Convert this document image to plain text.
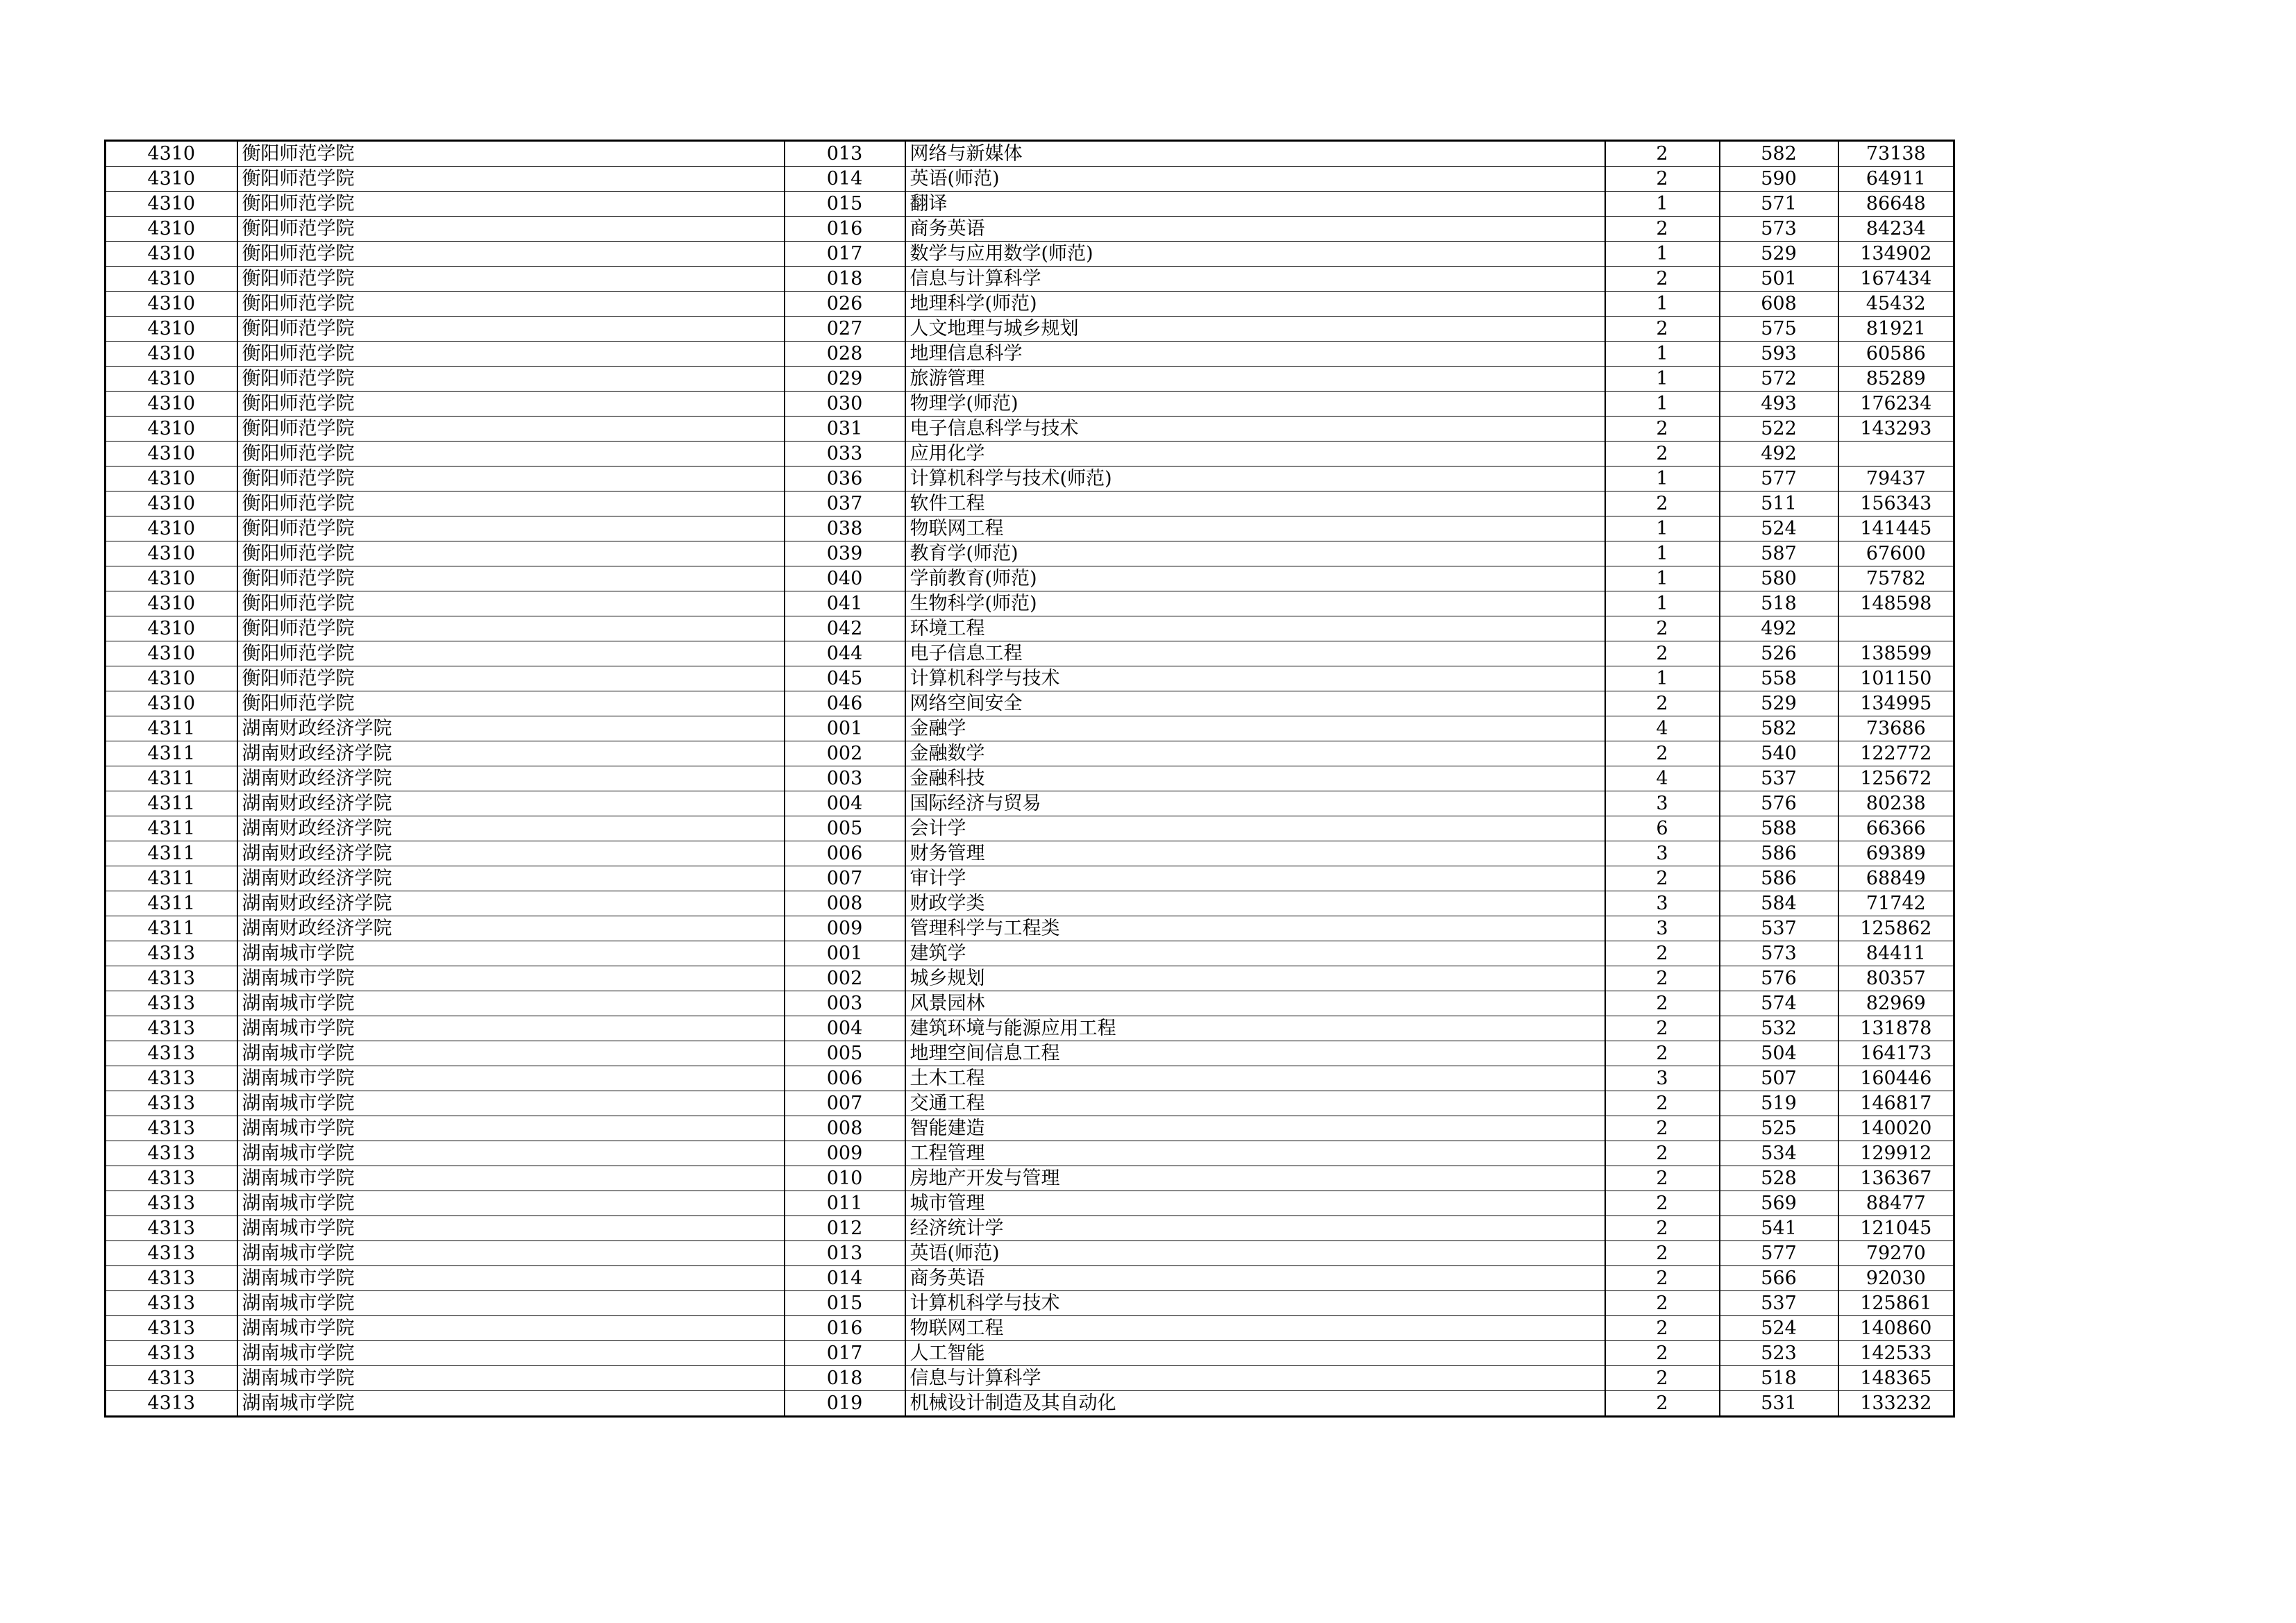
4310	衡阳师范学院	013	网络与新媒体	2	582	73138
4310	衡阳师范学院	014	英语(师范)	2	590	64911
4310	衡阳师范学院	015	翻译	1	571	86648
4310	衡阳师范学院	016	商务英语	2	573	84234
4310	衡阳师范学院	017	数学与应用数学(师范)	1	529	134902
4310	衡阳师范学院	018	信息与计算科学	2	501	167434
4310	衡阳师范学院	026	地理科学(师范)	1	608	45432
4310	衡阳师范学院	027	人文地理与城乡规划	2	575	81921
4310	衡阳师范学院	028	地理信息科学	1	593	60586
4310	衡阳师范学院	029	旅游管理	1	572	85289
4310	衡阳师范学院	030	物理学(师范)	1	493	176234
4310	衡阳师范学院	031	电子信息科学与技术	2	522	143293
4310	衡阳师范学院	033	应用化学	2	492	
4310	衡阳师范学院	036	计算机科学与技术(师范)	1	577	79437
4310	衡阳师范学院	037	软件工程	2	511	156343
4310	衡阳师范学院	038	物联网工程	1	524	141445
4310	衡阳师范学院	039	教育学(师范)	1	587	67600
4310	衡阳师范学院	040	学前教育(师范)	1	580	75782
4310	衡阳师范学院	041	生物科学(师范)	1	518	148598
4310	衡阳师范学院	042	环境工程	2	492	
4310	衡阳师范学院	044	电子信息工程	2	526	138599
4310	衡阳师范学院	045	计算机科学与技术	1	558	101150
4310	衡阳师范学院	046	网络空间安全	2	529	134995
4311	湖南财政经济学院	001	金融学	4	582	73686
4311	湖南财政经济学院	002	金融数学	2	540	122772
4311	湖南财政经济学院	003	金融科技	4	537	125672
4311	湖南财政经济学院	004	国际经济与贸易	3	576	80238
4311	湖南财政经济学院	005	会计学	6	588	66366
4311	湖南财政经济学院	006	财务管理	3	586	69389
4311	湖南财政经济学院	007	审计学	2	586	68849
4311	湖南财政经济学院	008	财政学类	3	584	71742
4311	湖南财政经济学院	009	管理科学与工程类	3	537	125862
4313	湖南城市学院	001	建筑学	2	573	84411
4313	湖南城市学院	002	城乡规划	2	576	80357
4313	湖南城市学院	003	风景园林	2	574	82969
4313	湖南城市学院	004	建筑环境与能源应用工程	2	532	131878
4313	湖南城市学院	005	地理空间信息工程	2	504	164173
4313	湖南城市学院	006	土木工程	3	507	160446
4313	湖南城市学院	007	交通工程	2	519	146817
4313	湖南城市学院	008	智能建造	2	525	140020
4313	湖南城市学院	009	工程管理	2	534	129912
4313	湖南城市学院	010	房地产开发与管理	2	528	136367
4313	湖南城市学院	011	城市管理	2	569	88477
4313	湖南城市学院	012	经济统计学	2	541	121045
4313	湖南城市学院	013	英语(师范)	2	577	79270
4313	湖南城市学院	014	商务英语	2	566	92030
4313	湖南城市学院	015	计算机科学与技术	2	537	125861
4313	湖南城市学院	016	物联网工程	2	524	140860
4313	湖南城市学院	017	人工智能	2	523	142533
4313	湖南城市学院	018	信息与计算科学	2	518	148365
4313	湖南城市学院	019	机械设计制造及其自动化	2	531	133232
